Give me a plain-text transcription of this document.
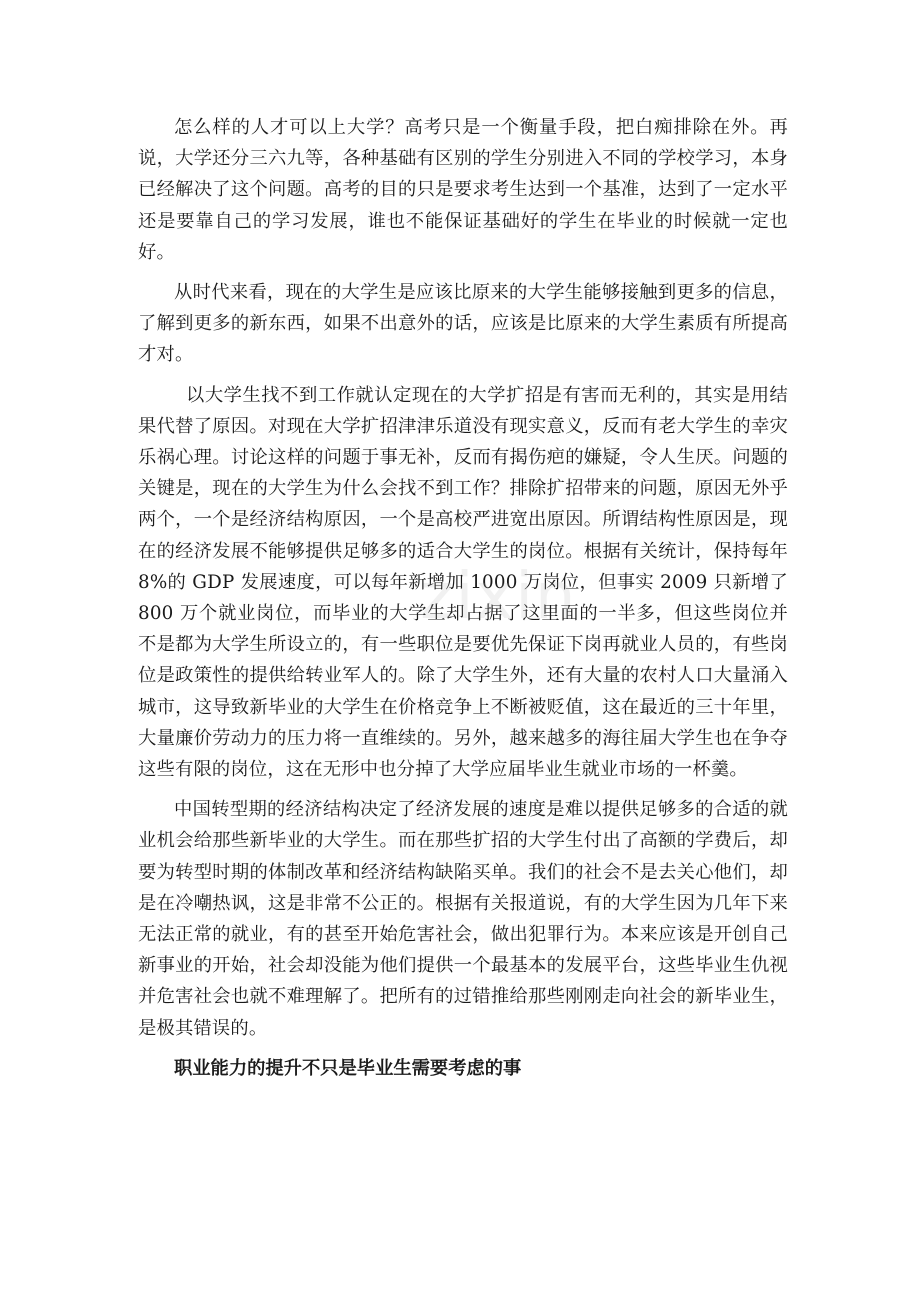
怎么样的人才可以上大学？高考只是一个衡量手段，把白痴排除在外。再说，大学还分三六九等，各种基础有区别的学生分别进入不同的学校学习，本身已经解决了这个问题。高考的目的只是要求考生达到一个基准，达到了一定水平还是要靠自己的学习发展，谁也不能保证基础好的学生在毕业的时候就一定也好。

从时代来看，现在的大学生是应该比原来的大学生能够接触到更多的信息，了解到更多的新东西，如果不出意外的话，应该是比原来的大学生素质有所提高才对。

以大学生找不到工作就认定现在的大学扩招是有害而无利的，其实是用结果代替了原因。对现在大学扩招津津乐道没有现实意义，反而有老大学生的幸灾乐祸心理。讨论这样的问题于事无补，反而有揭伤疤的嫌疑，令人生厌。问题的关键是，现在的大学生为什么会找不到工作？排除扩招带来的问题，原因无外乎两个，一个是经济结构原因，一个是高校严进宽出原因。所谓结构性原因是，现在的经济发展不能够提供足够多的适合大学生的岗位。根据有关统计，保持每年8%的 GDP 发展速度，可以每年新增加 1000 万岗位，但事实 2009 只新增了 800 万个就业岗位，而毕业的大学生却占据了这里面的一半多，但这些岗位并不是都为大学生所设立的，有一些职位是要优先保证下岗再就业人员的，有些岗位是政策性的提供给转业军人的。除了大学生外，还有大量的农村人口大量涌入城市，这导致新毕业的大学生在价格竞争上不断被贬值，这在最近的三十年里，大量廉价劳动力的压力将一直维续的。另外，越来越多的海往届大学生也在争夺这些有限的岗位，这在无形中也分掉了大学应届毕业生就业市场的一杯羹。

中国转型期的经济结构决定了经济发展的速度是难以提供足够多的合适的就业机会给那些新毕业的大学生。而在那些扩招的大学生付出了高额的学费后，却要为转型时期的体制改革和经济结构缺陷买单。我们的社会不是去关心他们，却是在冷嘲热讽，这是非常不公正的。根据有关报道说，有的大学生因为几年下来无法正常的就业，有的甚至开始危害社会，做出犯罪行为。本来应该是开创自己新事业的开始，社会却没能为他们提供一个最基本的发展平台，这些毕业生仇视并危害社会也就不难理解了。把所有的过错推给那些刚刚走向社会的新毕业生，是极其错误的。

职业能力的提升不只是毕业生需要考虑的事

zixin
